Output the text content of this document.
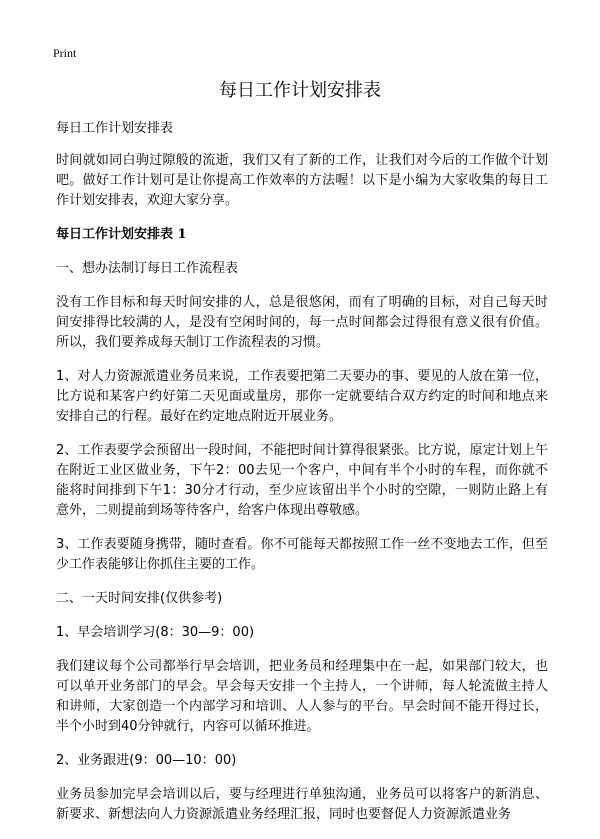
Print
每日工作计划安排表

每日工作计划安排表

时间就如同白驹过隙般的流逝，我们又有了新的工作，让我们对今后的工作做个计划吧。做好工作计划可是让你提高工作效率的方法喔！以下是小编为大家收集的每日工作计划安排表，欢迎大家分享。

每日工作计划安排表 1
一、想办法制订每日工作流程表

没有工作目标和每天时间安排的人，总是很悠闲，而有了明确的目标，对自己每天时间安排得比较满的人，是没有空闲时间的，每一点时间都会过得很有意义很有价值。所以，我们要养成每天制订工作流程表的习惯。

1、对人力资源派遣业务员来说，工作表要把第二天要办的事、要见的人放在第一位，比方说和某客户约好第二天见面或量房，那你一定就要结合双方约定的时间和地点来安排自己的行程。最好在约定地点附近开展业务。

2、工作表要学会预留出一段时间，不能把时间计算得很紧张。比方说，原定计划上午在附近工业区做业务，下午2：00去见一个客户，中间有半个小时的车程，而你就不能将时间排到下午1：30分才行动，至少应该留出半个小时的空隙，一则防止路上有意外，二则提前到场等待客户，给客户体现出尊敬感。

3、工作表要随身携带，随时查看。你不可能每天都按照工作一丝不变地去工作，但至少工作表能够让你抓住主要的工作。

二、一天时间安排(仅供参考)
1、早会培训学习(8：30—9：00)

我们建议每个公司都举行早会培训，把业务员和经理集中在一起，如果部门较大，也可以单开业务部门的早会。早会每天安排一个主持人，一个讲师，每人轮流做主持人和讲师，大家创造一个内部学习和培训、人人参与的平台。早会时间不能开得过长，半个小时到40分钟就行，内容可以循环推进。

2、业务跟进(9：00—10：00)

业务员参加完早会培训以后，要与经理进行单独沟通，业务员可以将客户的新消息、新要求、新想法向人力资源派遣业务经理汇报，同时也要督促人力资源派遣业务
